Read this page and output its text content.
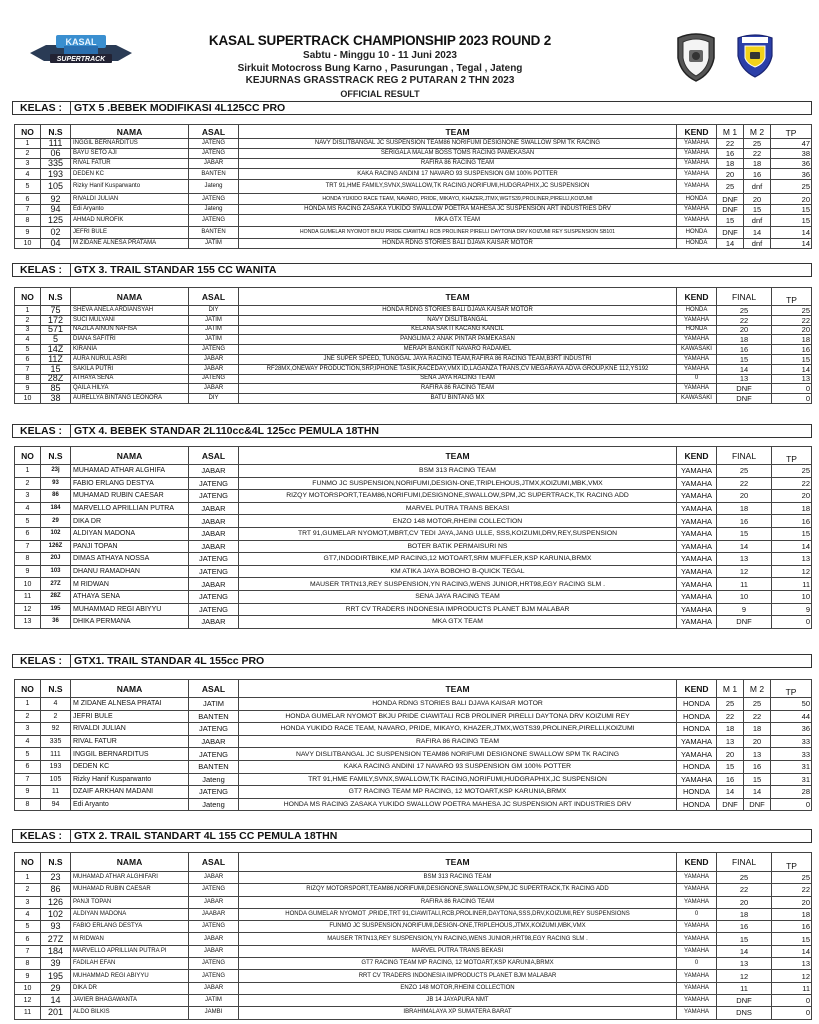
KASAL
SUPERTRACK
KASAL SUPERTRACK CHAMPIONSHIP 2023 ROUND 2
Sabtu - Minggu 10 - 11 Juni 2023
Sirkuit Motocross Bung Karno , Pasurungan , Tegal , Jateng
KEJURNAS GRASSTRACK REG 2 PUTARAN 2 THN 2023
OFFICIAL RESULT
KELAS :	GTX 5 .BEBEK MODIFIKASI 4L125CC PRO
NO	N.S	NAMA	ASAL	TEAM	KEND	M 1	M 2	TP
1	111	INGGIL BERNARDITUS	JATENG	NAVY DISLITBANGAL JC SUSPENSION TEAM86 NORIFUMI DESIGNONE SWALLOW SPM TK RACING	YAMAHA	22	25	47
2	06	BAYU SETO AJI	JATENG	SERIGALA MALAM BOSS TOMS RACING PAMEKASAN	YAMAHA	16	22	38
3	335	RIVAL FATUR	JABAR	RAFIRA 86 RACING TEAM	YAMAHA	18	18	36
4	193	DEDEN KC	BANTEN	KAKA RACING ANDINI 17 NAVARO 93 SUSPENSION GM 100% POTTER	YAMAHA	20	16	36
5	105	Rizky Hanif Kusparwanto	Jateng	TRT 91,HME FAMILY,SVNX,SWALLOW,TK RACING,NORIFUMI,HUDGRAPHIX,JC SUSPENSION	YAMAHA	25	dnf	25
6	92	RIVALDI JULIAN	JATENG	HONDA YUKIDO RACE TEAM, NAVARO, PRIDE, MIKAYO, KHAZER,JTMX,WGTS39,PROLINER,PIRELLI,KOIZUMI	HONDA	DNF	20	20
7	94	Edi Aryanto	Jateng	HONDA MS RACING ZASAKA YUKIDO SWALLOW POETRA MAHESA JC SUSPENSION ART INDUSTRIES DRV	YAMAHA	DNF	15	15
8	125	AHMAD NUROFIK	JATENG	MKA GTX TEAM	YAMAHA	15	dnf	15
9	02	JEFRI BULE	BANTEN	HONDA GUMELAR NYOMOT BKJU PRIDE CIAWITALI RCB PROLINER PIRELLI DAYTONA DRV KOIZUMI REY SUSPENSION SB101	HONDA	DNF	14	14
10	04	M ZIDANE ALNESA PRATAMA	JATIM	HONDA RDNG STORIES BALI DJAVA KAISAR MOTOR	HONDA	14	dnf	14
KELAS :	GTX 3. TRAIL STANDAR 155 CC WANITA
NO	N.S	NAMA	ASAL	TEAM	KEND	FINAL	TP
1	75	SHEVA ANELA ARDIANSYAH	DIY	HONDA RDNG STORIES BALI DJAVA KAISAR MOTOR	HONDA	25	25
2	172	SUCI MULYANI	JATIM	NAVY DISLITBANGAL	YAMAHA	22	22
3	571	NAZILA AINUN NAFISA	JATIM	KELANA SAKTI KACANG KANCIL	HONDA	20	20
4	5	DIANA SAFITRI	JATIM	PANGLIMA 2 ANAK PINTAR PAMEKASAN	YAMAHA	18	18
5	14Z	KIRANIA	JATENG	MERAPI BANGKIT NAVARO RADAMEL	KAWASAKI	16	16
6	11Z	AURA NURUL ASRI	JABAR	JNE SUPER SPEED, TUNGGAL JAYA RACING TEAM,RAFIRA 86 RACING TEAM,B3RT INDUSTRI	YAMAHA	15	15
7	15	SAKILA PUTRI	JABAR	RF28MX,ONEWAY PRODUCTION,SRP,IPHONE TASIK,RACEDAY,VMX ID,LAGANZA TRANS,CV MEGARAYA ADVA GROUP,KNE 112,YS192	YAMAHA	14	14
8	28Z	ATHAYA SENA	JATENG	SENA JAYA RACING TEAM	0	13	13
9	85	QAILA HILYA	JABAR	RAFIRA 86 RACING TEAM	YAMAHA	DNF	0
10	38	AURELLYA BINTANG LEONORA	DIY	BATU BINTANG MX	KAWASAKI	DNF	0
KELAS :	GTX 4. BEBEK STANDAR 2L110cc&4L 125cc PEMULA 18THN
NO	N.S	NAMA	ASAL	TEAM	KEND	FINAL	TP
1	23j	MUHAMAD ATHAR ALGHIFA	JABAR	BSM 313 RACING TEAM	YAMAHA	25	25
2	93	FABIO ERLANG DESTYA	JATENG	FUNMO JC SUSPENSION,NORIFUMI,DESIGN-ONE,TRIPLEHOUS,JTMX,KOIZUMI,MBK,VMX	YAMAHA	22	22
3	86	MUHAMAD RUBIN CAESAR	JATENG	RIZQY MOTORSPORT,TEAM86,NORIFUMI,DESIGNONE,SWALLOW,SPM,JC SUPERTRACK,TK RACING ADD	YAMAHA	20	20
4	184	MARVELLO APRILLIAN PUTRA	JABAR	MARVEL PUTRA TRANS BEKASI	YAMAHA	18	18
5	29	DIKA DR	JABAR	ENZO 148 MOTOR,RHEINI COLLECTION	YAMAHA	16	16
6	102	ALDIYAN MADONA	JABAR	TRT 91,GUMELAR NYOMOT,MBRT,CV TEDI JAYA,JANG ULLE, SSS,KOIZUMI,DRV,REY,SUSPENSION	YAMAHA	15	15
7	126Z	PANJI TOPAN	JABAR	BOTER BATIK PERMAISURI NS	YAMAHA	14	14
8	20J	DIMAS ATHAYA NOSSA	JATENG	GT7,INDODIRTBIKE,MP RACING,12 MOTOART,SRM MUFFLER,KSP KARUNIA,BRMX	YAMAHA	13	13
9	103	DHANU RAMADHAN	JATENG	KM ATIKA JAYA BOBOHO B-QUICK TEGAL	YAMAHA	12	12
10	27Z	M RIDWAN	JABAR	MAUSER TRTN13,REY SUSPENSION,YN RACING,WENS JUNIOR,HRT98,EGY RACING SLM .	YAMAHA	11	11
11	28Z	ATHAYA SENA	JATENG	SENA JAYA RACING TEAM	YAMAHA	10	10
12	195	MUHAMMAD REGI ABIYYU	JATENG	RRT CV TRADERS INDONESIA IMPRODUCTS PLANET BJM MALABAR	YAMAHA	9	9
13	36	DHIKA PERMANA	JABAR	MKA GTX TEAM	YAMAHA	DNF	0
KELAS :	GTX1. TRAIL STANDAR 4L 155cc PRO
NO	N.S	NAMA	ASAL	TEAM	KEND	M 1	M 2	TP
1	4	M ZIDANE ALNESA PRATAI	JATIM	HONDA RDNG STORIES BALI DJAVA KAISAR MOTOR	HONDA	25	25	50
2	2	JEFRI BULE	BANTEN	HONDA GUMELAR NYOMOT BKJU PRIDE CIAWITALI RCB PROLINER PIRELLI DAYTONA DRV KOIZUMI REY	HONDA	22	22	44
3	92	RIVALDI JULIAN	JATENG	HONDA YUKIDO RACE TEAM, NAVARO, PRIDE, MIKAYO, KHAZER,JTMX,WGTS39,PROLINER,PIRELLI,KOIZUMI	HONDA	18	18	36
4	335	RIVAL FATUR	JABAR	RAFIRA 86 RACING TEAM	YAMAHA	13	20	33
5	111	INGGIL BERNARDITUS	JATENG	NAVY DISLITBANGAL JC SUSPENSION TEAM86 NORIFUMI DESIGNONE SWALLOW SPM TK RACING	YAMAHA	20	13	33
6	193	DEDEN KC	BANTEN	KAKA RACING ANDINI 17 NAVARO 93 SUSPENSION GM 100% POTTER	HONDA	15	16	31
7	105	Rizky Hanif Kusparwanto	Jateng	TRT 91,HME FAMILY,SVNX,SWALLOW,TK RACING,NORIFUMI,HUDGRAPHIX,JC SUSPENSION	YAMAHA	16	15	31
9	11	DZAIF ARKHAN MADANI	JATENG	GT7 RACING TEAM MP RACING, 12 MOTOART,KSP KARUNIA,BRMX	HONDA	14	14	28
8	94	Edi Aryanto	Jateng	HONDA MS RACING ZASAKA YUKIDO SWALLOW POETRA MAHESA JC SUSPENSION ART INDUSTRIES DRV	HONDA	DNF	DNF	0
KELAS :	GTX 2. TRAIL STANDART 4L 155 CC PEMULA 18THN
NO	N.S	NAMA	ASAL	TEAM	KEND	FINAL	TP
1	23	MUHAMAD ATHAR ALGHIFARI	JABAR	BSM 313 RACING TEAM	YAMAHA	25	25
2	86	MUHAMAD RUBIN CAESAR	JATENG	RIZQY MOTORSPORT,TEAM86,NORIFUMI,DESIGNONE,SWALLOW,SPM,JC SUPERTRACK,TK RACING ADD	YAMAHA	22	22
3	126	PANJI TOPAN	JABAR	RAFIRA 86 RACING TEAM	YAMAHA	20	20
4	102	ALDIYAN MADONA	JAABAR	HONDA GUMELAR NYOMOT ,PRIDE,TRT 91,CIAWITALI,RCB,PROLINER,DAYTONA,SSS,DRV,KOIZUMI,REY SUSPENSIONS	0	18	18
5	93	FABIO ERLANG DESTYA	JATENG	FUNMO JC SUSPENSION,NORIFUMI,DESIGN-ONE,TRIPLEHOUS,JTMX,KOIZUMI,MBK,VMX	YAMAHA	16	16
6	27Z	M RIDWAN	JABAR	MAUSER TRTN13,REY SUSPENSION,YN RACING,WENS JUNIOR,HRT98,EGY RACING SLM .	YAMAHA	15	15
7	184	MARVELLO APRILLIAN PUTRA PI	JABAR	MARVEL PUTRA TRANS BEKASI	YAMAHA	14	14
8	39	FADILAH EFAN	JATENG	GT7 RACING TEAM MP RACING, 12 MOTOART,KSP KARUNIA,BRMX	0	13	13
9	195	MUHAMMAD REGI ABIYYU	JATENG	RRT CV TRADERS INDONESIA IMPRODUCTS PLANET BJM MALABAR	YAMAHA	12	12
10	29	DIKA DR	JABAR	ENZO 148 MOTOR,RHEINI COLLECTION	YAMAHA	11	11
12	14	JAVIER BHAGAWANTA	JATIM	JB 14 JAYAPURA NMT	YAMAHA	DNF	0
11	201	ALDO BILKIS	JAMBI	IBRAHIMALAYA XP SUMATERA BARAT	YAMAHA	DNS	0
